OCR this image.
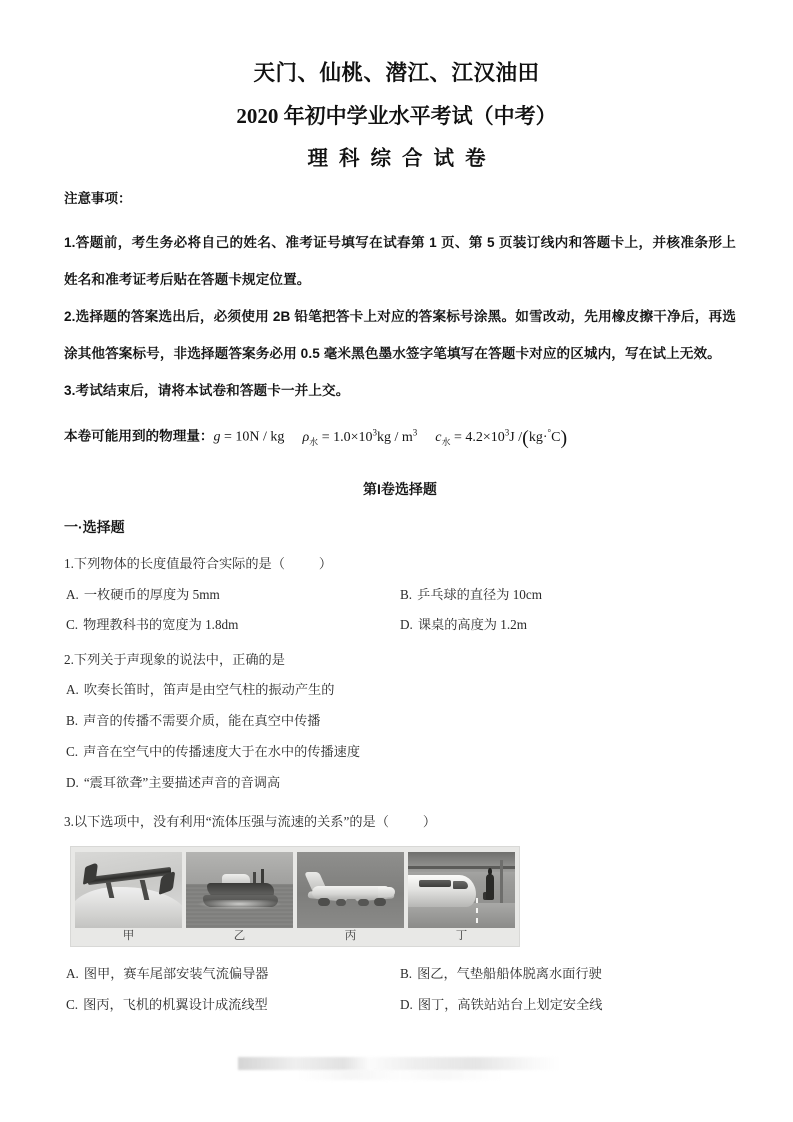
天门、仙桃、潜江、江汉油田
2020 年初中学业水平考试（中考）
理科综合试卷
注意事项：
1.答题前，考生务必将自己的姓名、准考证号填写在试春第 1 页、第 5 页装订线内和答题卡上，并核准条形上姓名和准考证考后贴在答题卡规定位置。
2.选择题的答案选出后，必须使用 2B 铅笔把答卡上对应的答案标号涂黑。如雪改动，先用橡皮擦干净后，再选涂其他答案标号，非选择题答案务必用 0.5 毫米黑色墨水签字笔填写在答题卡对应的区城内，写在试上无效。
3.考试结束后，请将本试卷和答题卡一并上交。
本卷可能用到的物理量：g = 10N / kg $\rho_水 = 1.0\times 10^3kg / m^3$ $c_水 = 4.2\times 10^3J$ /(kg·°C)
第I卷选择题
一·选择题
1.下列物体的长度值最符合实际的是（	）
A. 一枚硬币的厚度为 5mm	B. 乒乓球的直径为 10cm
C. 物理教科书的宽度为 1.8dm	D. 课桌的高度为 1.2m
2.下列关于声现象的说法中，正确的是
A. 吹奏长笛时，笛声是由空气柱的振动产生的
B. 声音的传播不需要介质，能在真空中传播
C. 声音在空气中的传播速度大于在水中的传播速度
D. “震耳欲聋”主要描述声音的音调高
3.以下选项中，没有利用“流体压强与流速的关系”的是（	）
甲	乙	丙	丁
A. 图甲，赛车尾部安装气流偏导器	B. 图乙，气垫船船体脱离水面行驶
C. 图丙，飞机的机翼设计成流线型	D. 图丁，高铁站站台上划定安全线
